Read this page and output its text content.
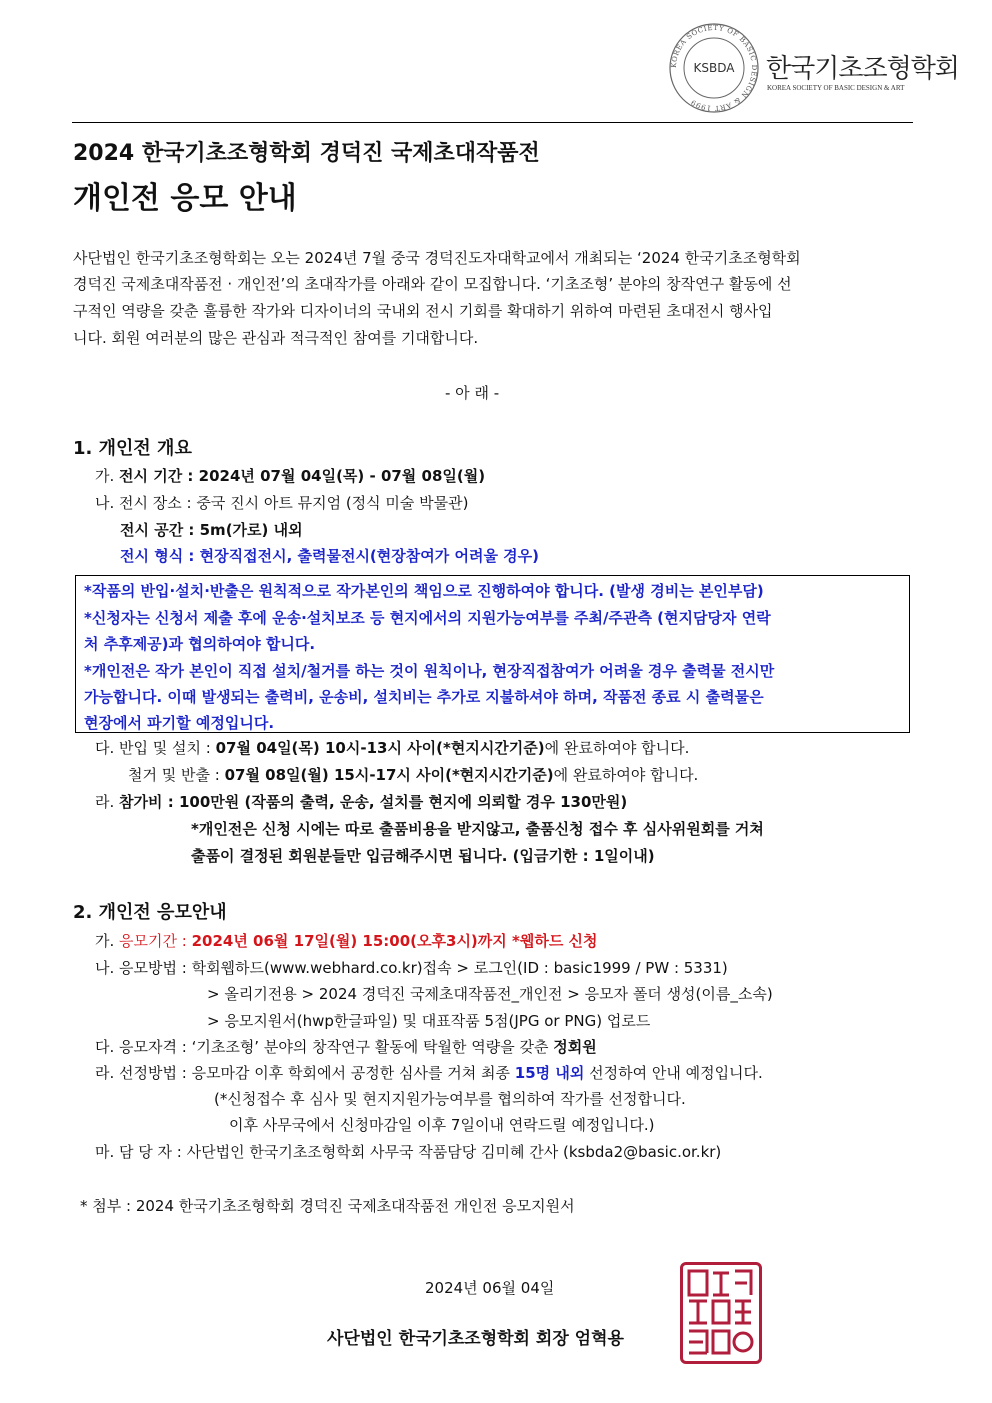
KOREA SOCIETY OF BASIC DESIGN & ART 1999
KSBDA 한국기초조형학회
KOREA SOCIETY OF BASIC DESIGN & ART
2024 한국기초조형학회 경덕진 국제초대작품전
개인전 응모 안내
사단법인 한국기초조형학회는 오는 2024년 7월 중국 경덕진도자대학교에서 개최되는 ‘2024 한국기초조형학회
경덕진 국제초대작품전 · 개인전’의 초대작가를 아래와 같이 모집합니다. ‘기초조형’ 분야의 창작연구 활동에 선
구적인 역량을 갖춘 훌륭한 작가와 디자이너의 국내외 전시 기회를 확대하기 위하여 마련된 초대전시 행사입
니다. 회원 여러분의 많은 관심과 적극적인 참여를 기대합니다.
- 아 래 -
1. 개인전 개요
가. 전시 기간 : 2024년 07월 04일(목) - 07월 08일(월)
나. 전시 장소 : 중국 진시 아트 뮤지엄 (정식 미술 박물관)
전시 공간 : 5m(가로) 내외
전시 형식 : 현장직접전시, 출력물전시(현장참여가 어려울 경우)
*작품의 반입·설치·반출은 원칙적으로 작가본인의 책임으로 진행하여야 합니다. (발생 경비는 본인부담)
*신청자는 신청서 제출 후에 운송·설치보조 등 현지에서의 지원가능여부를 주최/주관측 (현지담당자 연락
처 추후제공)과 협의하여야 합니다.
*개인전은 작가 본인이 직접 설치/철거를 하는 것이 원칙이나, 현장직접참여가 어려울 경우 출력물 전시만
가능합니다. 이때 발생되는 출력비, 운송비, 설치비는 추가로 지불하셔야 하며, 작품전 종료 시 출력물은
현장에서 파기할 예정입니다.
다. 반입 및 설치 : 07월 04일(목) 10시-13시 사이(*현지시간기준)에 완료하여야 합니다.
철거 및 반출 : 07월 08일(월) 15시-17시 사이(*현지시간기준)에 완료하여야 합니다.
라. 참가비 : 100만원 (작품의 출력, 운송, 설치를 현지에 의뢰할 경우 130만원)
*개인전은 신청 시에는 따로 출품비용을 받지않고, 출품신청 접수 후 심사위원회를 거쳐
출품이 결정된 회원분들만 입금해주시면 됩니다. (입금기한 : 1일이내)
2. 개인전 응모안내
가. 응모기간 : 2024년 06월 17일(월) 15:00(오후3시)까지 *웹하드 신청
나. 응모방법 : 학회웹하드(www.webhard.co.kr)접속 > 로그인(ID : basic1999 / PW : 5331)
> 올리기전용 > 2024 경덕진 국제초대작품전_개인전 > 응모자 폴더 생성(이름_소속)
> 응모지원서(hwp한글파일) 및 대표작품 5점(JPG or PNG) 업로드
다. 응모자격 : ‘기초조형’ 분야의 창작연구 활동에 탁월한 역량을 갖춘 정회원
라. 선정방법 : 응모마감 이후 학회에서 공정한 심사를 거쳐 최종 15명 내외 선정하여 안내 예정입니다.
(*신청접수 후 심사 및 현지지원가능여부를 협의하여 작가를 선정합니다.
이후 사무국에서 신청마감일 이후 7일이내 연락드릴 예정입니다.)
마. 담 당 자 : 사단법인 한국기초조형학회 사무국 작품담당 김미혜 간사 (ksbda2@basic.or.kr)
* 첨부 : 2024 한국기초조형학회 경덕진 국제초대작품전 개인전 응모지원서
2024년 06월 04일
사단법인 한국기초조형학회 회장 엄혁용
